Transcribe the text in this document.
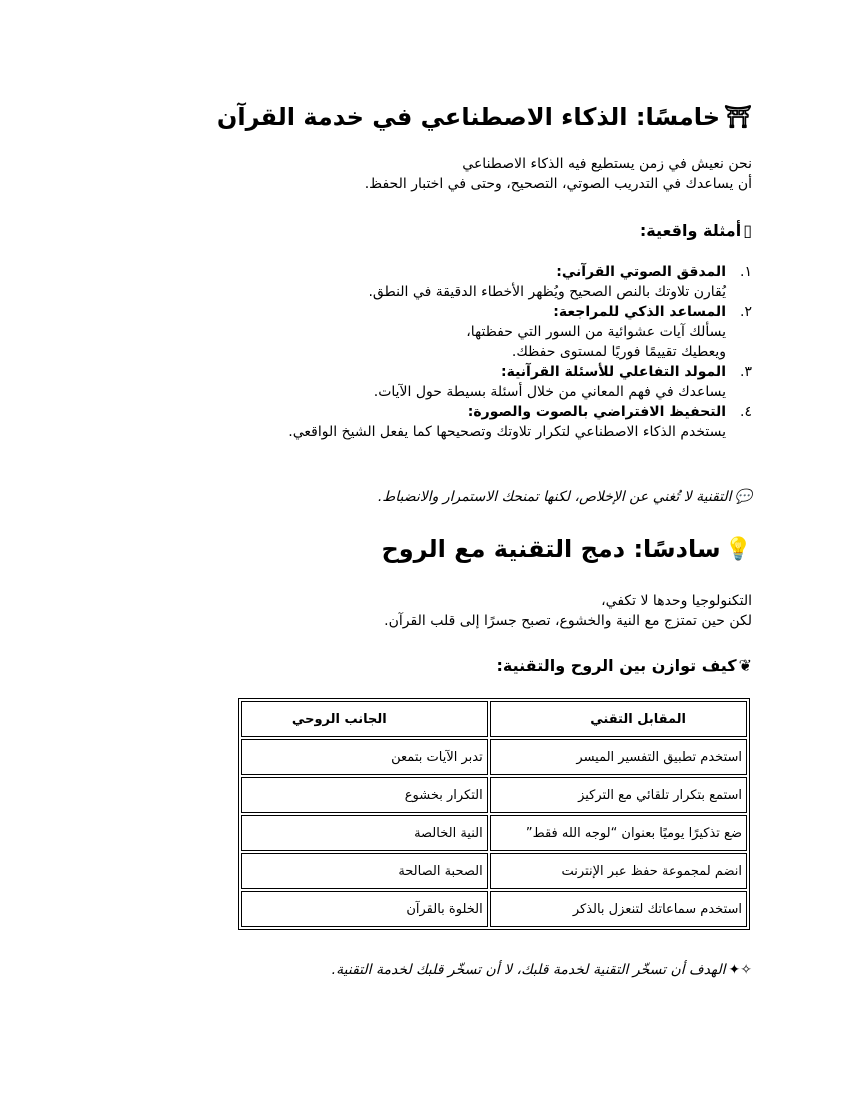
⛩
خامسًا: الذكاء الاصطناعي في خدمة القرآن

نحن نعيش في زمن يستطيع فيه الذكاء الاصطناعي
أن يساعدك في التدريب الصوتي، التصحيح، وحتى في اختبار الحفظ.

▯
أمثلة واقعية:
١.
المدقق الصوتي القرآني:
يُقارن تلاوتك بالنص الصحيح ويُظهر الأخطاء الدقيقة في النطق.
٢.
المساعد الذكي للمراجعة:
يسألك آيات عشوائية من السور التي حفظتها،
ويعطيك تقييمًا فوريًا لمستوى حفظك.
٣.
المولد التفاعلي للأسئلة القرآنية:
يساعدك في فهم المعاني من خلال أسئلة بسيطة حول الآيات.
٤.
التحفيظ الافتراضي بالصوت والصورة:
يستخدم الذكاء الاصطناعي لتكرار تلاوتك وتصحيحها كما يفعل الشيخ الواقعي.

💬
التقنية لا تُغني عن الإخلاص، لكنها تمنحك الاستمرار والانضباط.

💡
سادسًا: دمج التقنية مع الروح

التكنولوجيا وحدها لا تكفي،
لكن حين تمتزج مع النية والخشوع، تصبح جسرًا إلى قلب القرآن.

❦
كيف توازن بين الروح والتقنية:
المقابل التقني	الجانب الروحي
استخدم تطبيق التفسير الميسر	تدبر الآيات بتمعن
استمع بتكرار تلقائي مع التركيز	التكرار بخشوع
ضع تذكيرًا يوميًا بعنوان “لوجه الله فقط”	النية الخالصة
انضم لمجموعة حفظ عبر الإنترنت	الصحبة الصالحة
استخدم سماعاتك لتنعزل بالذكر	الخلوة بالقرآن

✧✦
الهدف أن تسخّر التقنية لخدمة قلبك، لا أن تسخّر قلبك لخدمة التقنية.
